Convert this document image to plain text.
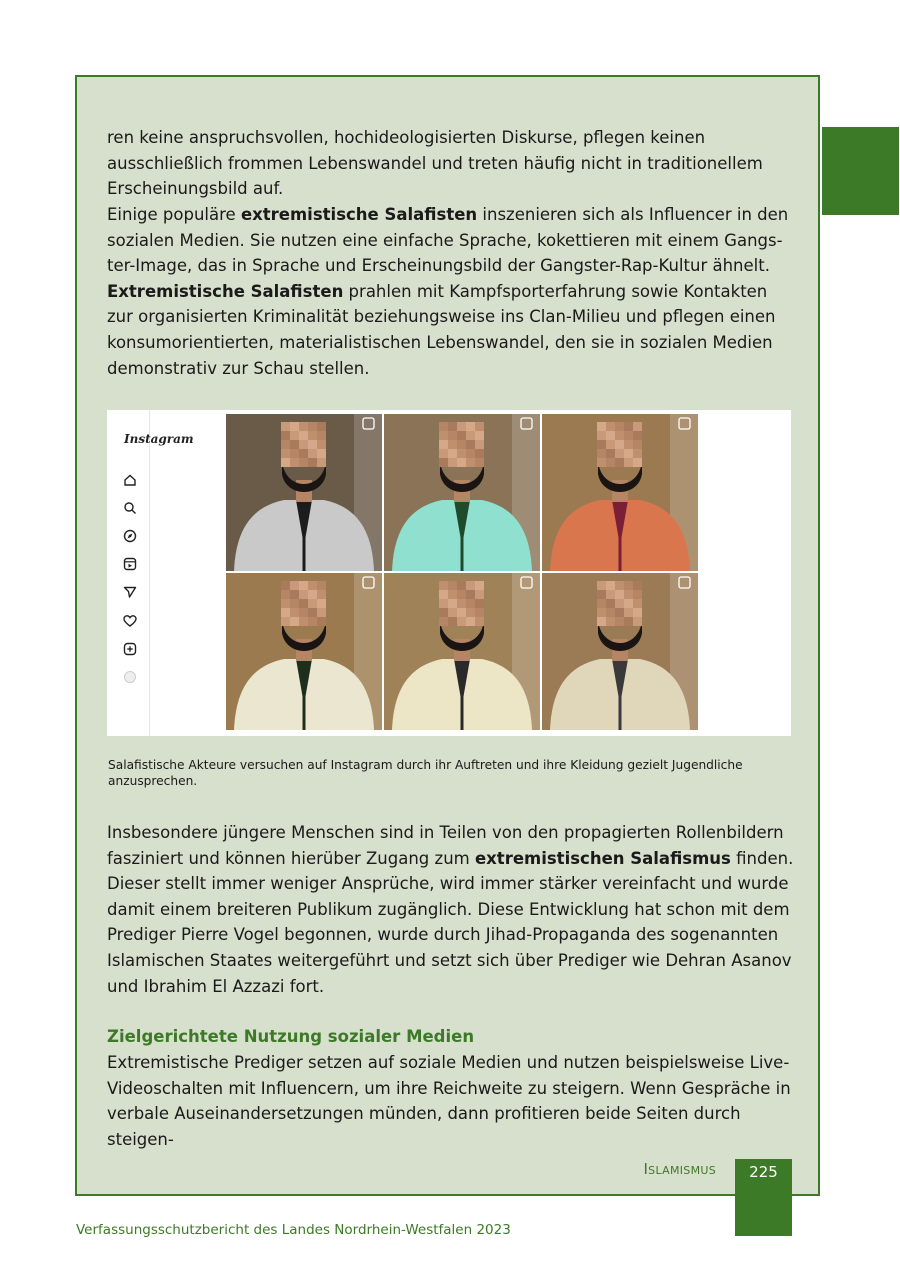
ren keine anspruchsvollen, hochideologisierten Diskurse, pflegen keinen ausschließlich frommen Lebenswandel und treten häufig nicht in traditionellem Erscheinungsbild auf.

Einige populäre extremistische Salafisten inszenieren sich als Influencer in den sozialen Medien. Sie nutzen eine einfache Sprache, kokettieren mit einem Gangster-Image, das in Sprache und Erscheinungsbild der Gangster-Rap-Kultur ähnelt. Extremistische Salafisten prahlen mit Kampfsporterfahrung sowie Kontakten zur organisierten Kriminalität beziehungsweise ins Clan-Milieu und pflegen einen konsumorientierten, materialistischen Lebenswandel, den sie in sozialen Medien demonstrativ zur Schau stellen.

Instagram
Salafistische Akteure versuchen auf Instagram durch ihr Auftreten und ihre Kleidung gezielt Jugendliche anzusprechen.

Insbesondere jüngere Menschen sind in Teilen von den propagierten Rollenbildern fasziniert und können hierüber Zugang zum extremistischen Salafismus finden. Dieser stellt immer weniger Ansprüche, wird immer stärker vereinfacht und wurde damit einem breiteren Publikum zugänglich. Diese Entwicklung hat schon mit dem Prediger Pierre Vogel begonnen, wurde durch Jihad-Propaganda des sogenannten Islamischen Staates weitergeführt und setzt sich über Prediger wie Dehran Asanov und Ibrahim El Azzazi fort.

Zielgerichtete Nutzung sozialer Medien

Extremistische Prediger setzen auf soziale Medien und nutzen beispielsweise Live-Videoschalten mit Influencern, um ihre Reichweite zu steigern. Wenn Gespräche in verbale Auseinandersetzungen münden, dann profitieren beide Seiten durch steigen-

Islamismus	225
Verfassungsschutzbericht des Landes Nordrhein-Westfalen 2023
